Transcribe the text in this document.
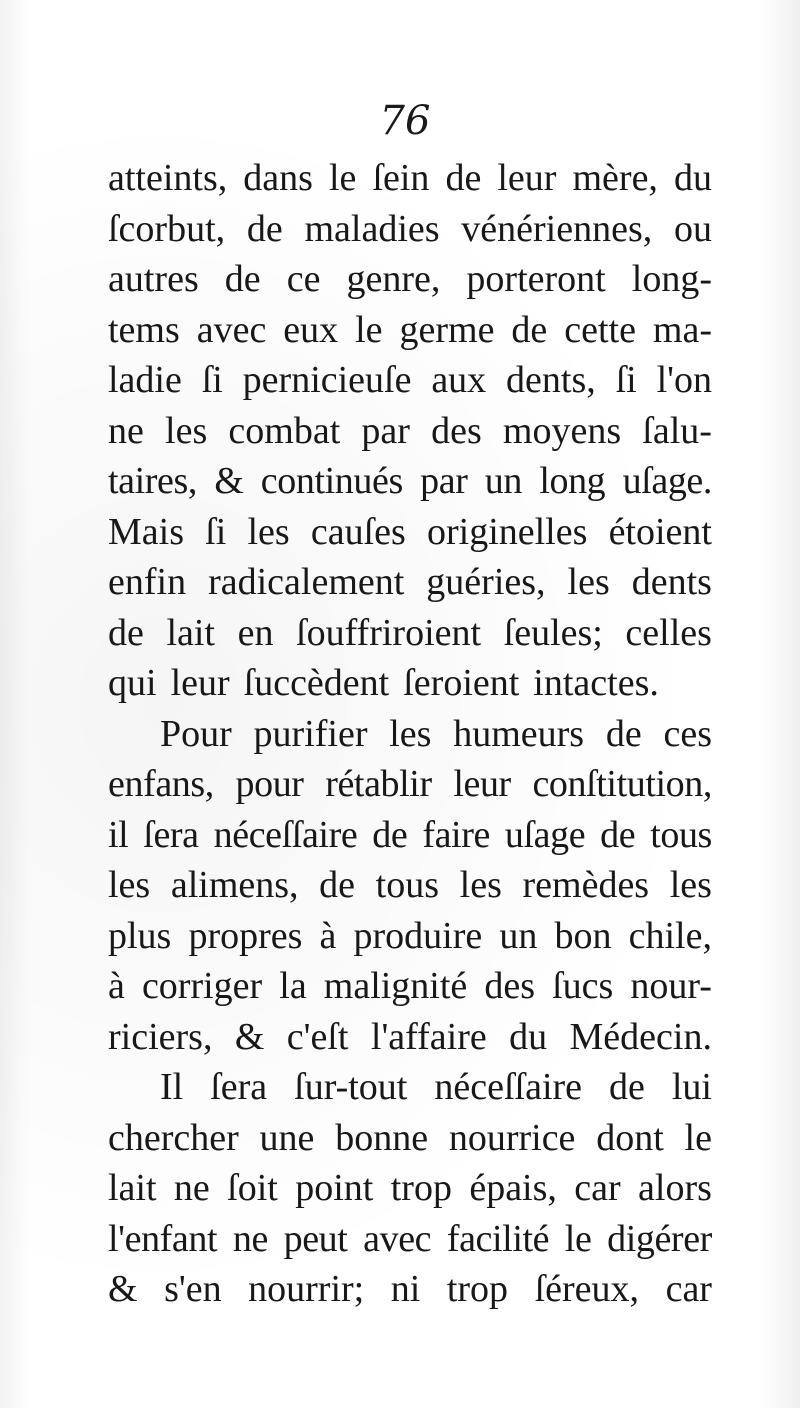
76
atteints, dans le ſein de leur mère, du
ſcorbut, de maladies vénériennes, ou
autres de ce genre, porteront long-
tems avec eux le germe de cette ma-
ladie ſi pernicieuſe aux dents, ſi l'on
ne les combat par des moyens ſalu-
taires, & continués par un long uſage.
Mais ſi les cauſes originelles étoient
enfin radicalement guéries, les dents
de lait en ſouffriroient ſeules; celles
qui leur ſuccèdent ſeroient intactes.
Pour purifier les humeurs de ces
enfans, pour rétablir leur conſtitution,
il ſera néceſſaire de faire uſage de tous
les alimens, de tous les remèdes les
plus propres à produire un bon chile,
à corriger la malignité des ſucs nour-
riciers, & c'eſt l'affaire du Médecin.
Il ſera ſur-tout néceſſaire de lui
chercher une bonne nourrice dont le
lait ne ſoit point trop épais, car alors
l'enfant ne peut avec facilité le digérer
& s'en nourrir; ni trop ſéreux, car
